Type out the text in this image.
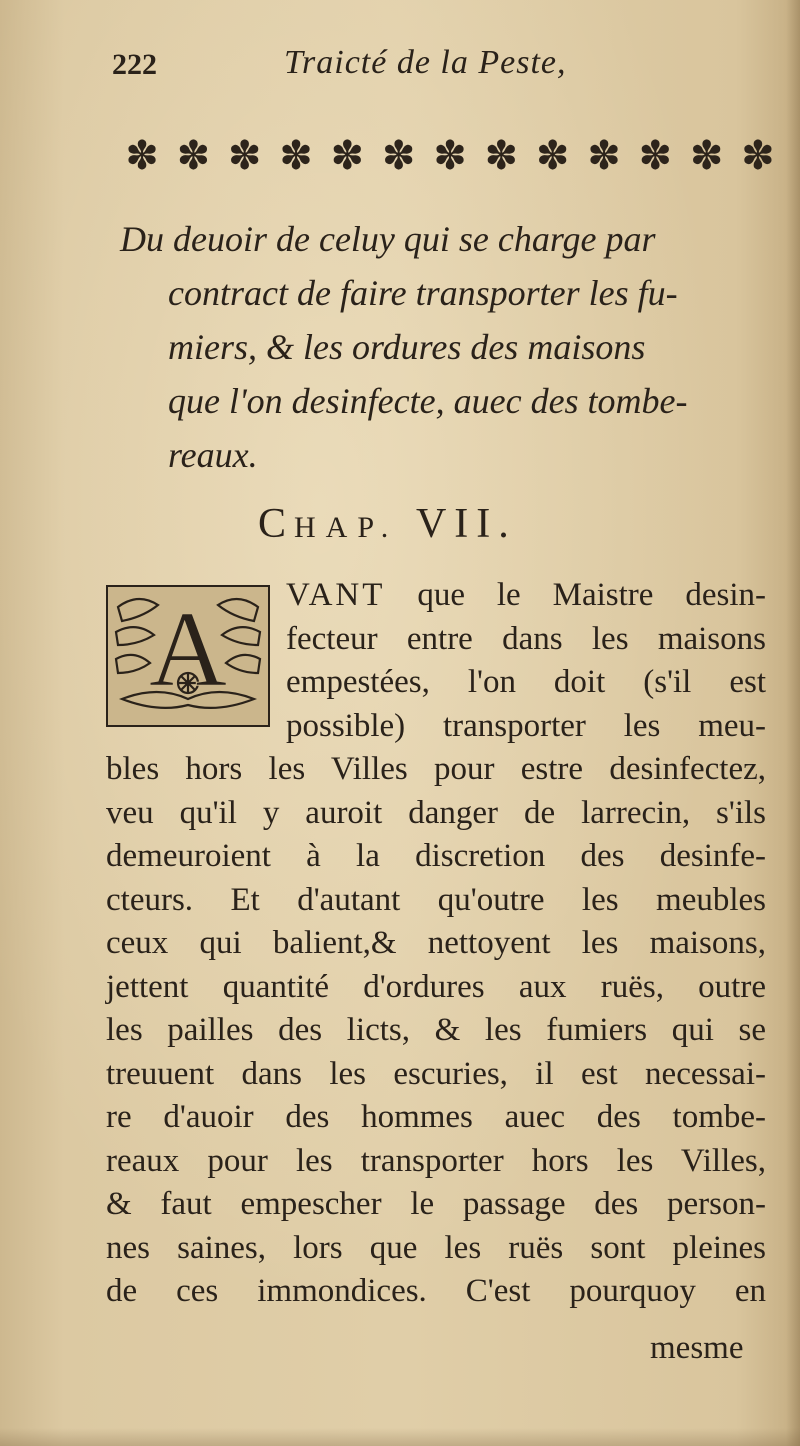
222	Traicté de la Peste,
✽ ✽ ✽ ✽ ✽ ✽ ✽ ✽ ✽ ✽ ✽ ✽ ✽
Du deuoir de celuy qui se charge par
contract de faire transporter les fu-
miers, & les ordures des maisons
que l'on desinfecte, auec des tombe-
reaux.
CHAP. VII.
A	VANT que le Maistre desin-
fecteur entre dans les maisons
empestées, l'on doit (s'il est
possible) transporter les meu-
bles hors les Villes pour estre desinfectez,
veu qu'il y auroit danger de larrecin, s'ils
demeuroient à la discretion des desinfe-
cteurs. Et d'autant qu'outre les meubles
ceux qui balient,& nettoyent les maisons,
jettent quantité d'ordures aux ruës, outre
les pailles des licts, & les fumiers qui se
treuuent dans les escuries, il est necessai-
re d'auoir des hommes auec des tombe-
reaux pour les transporter hors les Villes,
& faut empescher le passage des person-
nes saines, lors que les ruës sont pleines
de ces immondices. C'est pourquoy en
mesme
